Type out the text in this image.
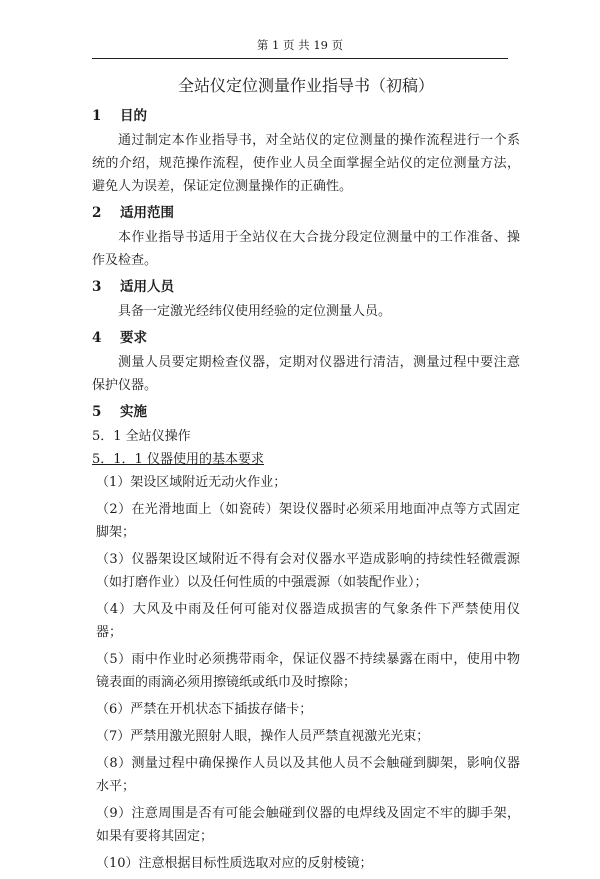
第 1 页 共 19 页
全站仪定位测量作业指导书（初稿）
1	目的

通过制定本作业指导书，对全站仪的定位测量的操作流程进行一个系统的介绍，规范操作流程，使作业人员全面掌握全站仪的定位测量方法，避免人为误差，保证定位测量操作的正确性。

2	适用范围

本作业指导书适用于全站仪在大合拢分段定位测量中的工作准备、操作及检查。

3	适用人员

具备一定激光经纬仪使用经验的定位测量人员。

4	要求

测量人员要定期检查仪器，定期对仪器进行清洁，测量过程中要注意保护仪器。

5	实施

5．1 全站仪操作

5．1．1 仪器使用的基本要求

（1）架设区域附近无动火作业；

（2）在光滑地面上（如瓷砖）架设仪器时必须采用地面冲点等方式固定脚架；

（3）仪器架设区域附近不得有会对仪器水平造成影响的持续性轻微震源（如打磨作业）以及任何性质的中强震源（如装配作业）；

（4）大风及中雨及任何可能对仪器造成损害的气象条件下严禁使用仪器；

（5）雨中作业时必须携带雨伞，保证仪器不持续暴露在雨中，使用中物镜表面的雨滴必须用擦镜纸或纸巾及时擦除；

（6）严禁在开机状态下插拔存储卡；

（7）严禁用激光照射人眼，操作人员严禁直视激光光束；

（8）测量过程中确保操作人员以及其他人员不会触碰到脚架，影响仪器水平；

（9）注意周围是否有可能会触碰到仪器的电焊线及固定不牢的脚手架，如果有要将其固定；

（10）注意根据目标性质选取对应的反射棱镜；
